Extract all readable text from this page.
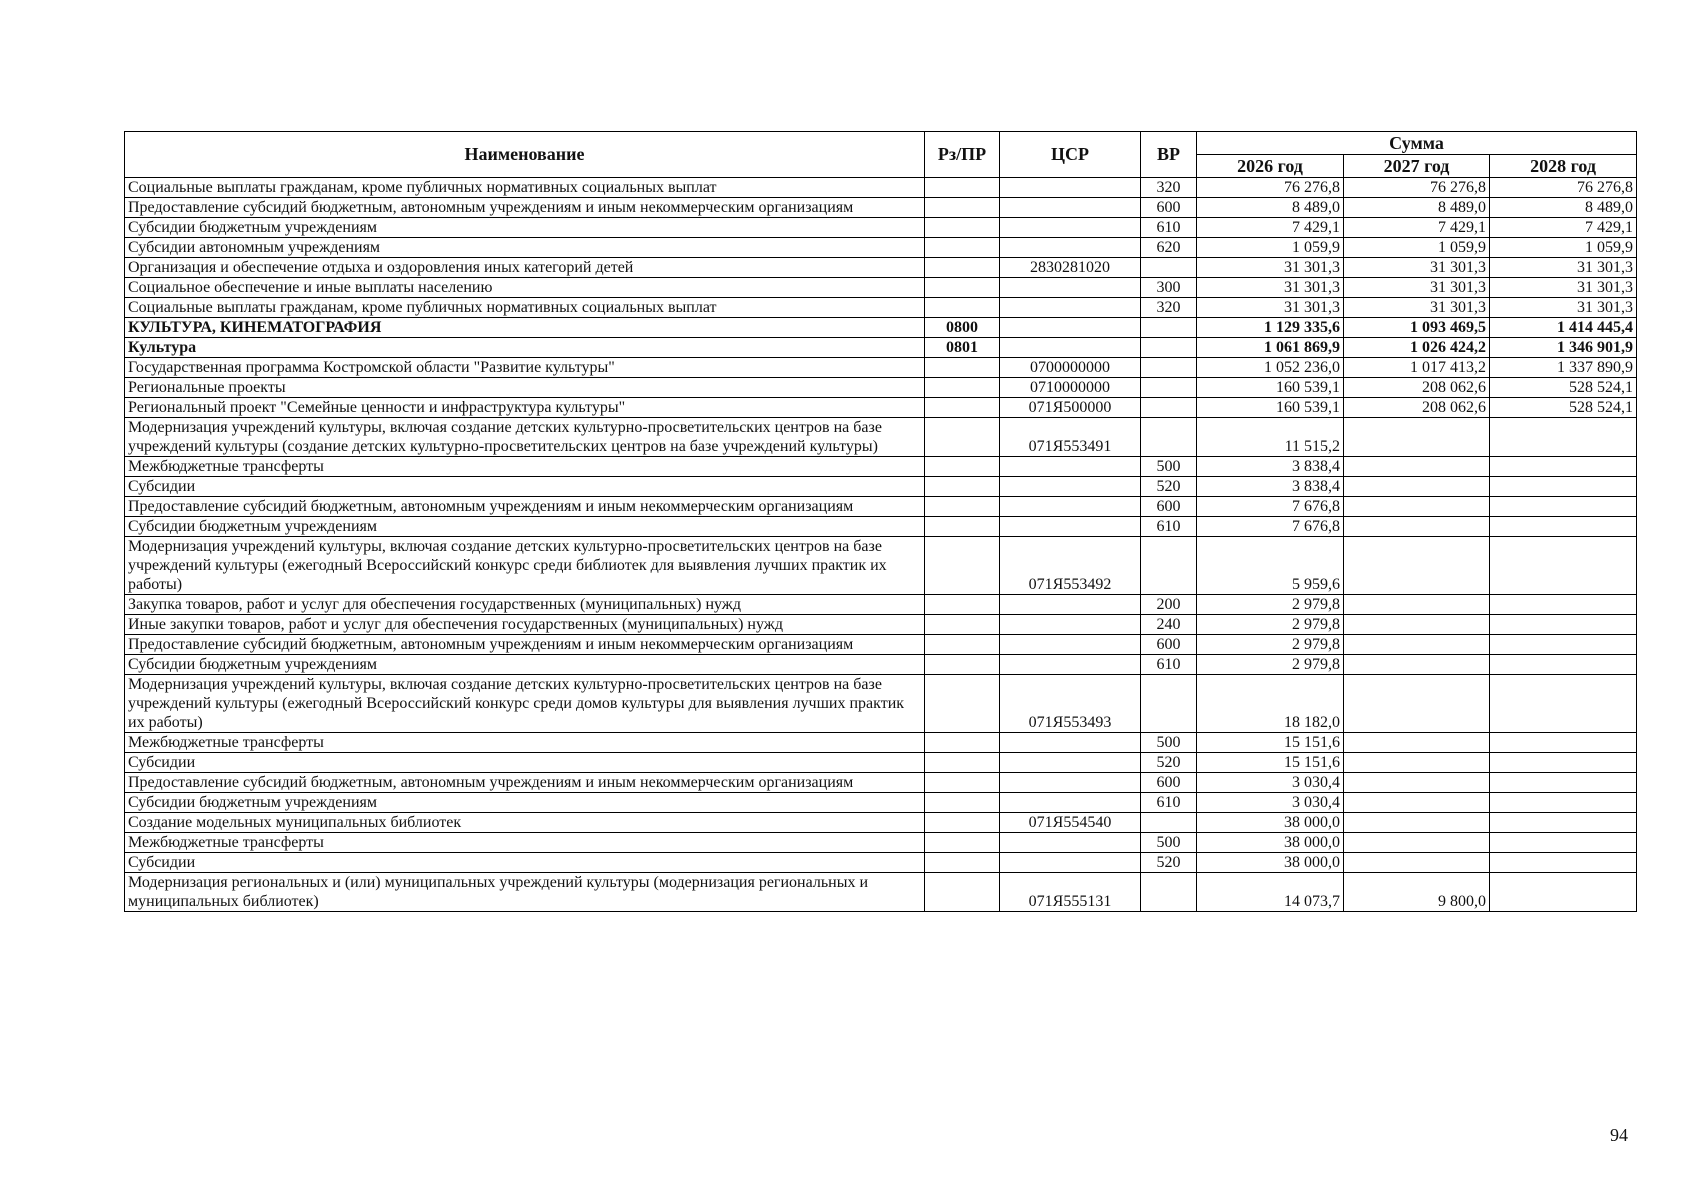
Наименование	Рз/ПР	ЦСР	ВР	Сумма		
				2026 год	2027 год	2028 год
Социальные выплаты гражданам, кроме публичных нормативных социальных выплат			320	76 276,8	76 276,8	76 276,8
Предоставление субсидий бюджетным, автономным учреждениям и иным некоммерческим организациям			600	8 489,0	8 489,0	8 489,0
Субсидии бюджетным учреждениям			610	7 429,1	7 429,1	7 429,1
Субсидии автономным учреждениям			620	1 059,9	1 059,9	1 059,9
Организация и обеспечение отдыха и оздоровления иных категорий детей		2830281020		31 301,3	31 301,3	31 301,3
Социальное обеспечение и иные выплаты населению			300	31 301,3	31 301,3	31 301,3
Социальные выплаты гражданам, кроме публичных нормативных социальных выплат			320	31 301,3	31 301,3	31 301,3
КУЛЬТУРА, КИНЕМАТОГРАФИЯ	0800			1 129 335,6	1 093 469,5	1 414 445,4
Культура	0801			1 061 869,9	1 026 424,2	1 346 901,9
Государственная программа Костромской области "Развитие культуры"		0700000000		1 052 236,0	1 017 413,2	1 337 890,9
Региональные проекты		0710000000		160 539,1	208 062,6	528 524,1
Региональный проект "Семейные ценности и инфраструктура культуры"		071Я500000		160 539,1	208 062,6	528 524,1
Модернизация учреждений культуры, включая создание детских культурно-просветительских центров на базе учреждений культуры (создание детских культурно-просветительских центров на базе учреждений культуры)		071Я553491		11 515,2		
Межбюджетные трансферты			500	3 838,4		
Субсидии			520	3 838,4		
Предоставление субсидий бюджетным, автономным учреждениям и иным некоммерческим организациям			600	7 676,8		
Субсидии бюджетным учреждениям			610	7 676,8		
Модернизация учреждений культуры, включая создание детских культурно-просветительских центров на базе учреждений культуры (ежегодный Всероссийский конкурс среди библиотек для выявления лучших практик их работы)		071Я553492		5 959,6		
Закупка товаров, работ и услуг для обеспечения государственных (муниципальных) нужд			200	2 979,8		
Иные закупки товаров, работ и услуг для обеспечения государственных (муниципальных) нужд			240	2 979,8		
Предоставление субсидий бюджетным, автономным учреждениям и иным некоммерческим организациям			600	2 979,8		
Субсидии бюджетным учреждениям			610	2 979,8		
Модернизация учреждений культуры, включая создание детских культурно-просветительских центров на базе учреждений культуры (ежегодный Всероссийский конкурс среди домов культуры для выявления лучших практик их работы)		071Я553493		18 182,0		
Межбюджетные трансферты			500	15 151,6		
Субсидии			520	15 151,6		
Предоставление субсидий бюджетным, автономным учреждениям и иным некоммерческим организациям			600	3 030,4		
Субсидии бюджетным учреждениям			610	3 030,4		
Создание модельных муниципальных библиотек		071Я554540		38 000,0		
Межбюджетные трансферты			500	38 000,0		
Субсидии			520	38 000,0		
Модернизация региональных и (или) муниципальных учреждений культуры (модернизация региональных и муниципальных библиотек)		071Я555131		14 073,7	9 800,0	
94
